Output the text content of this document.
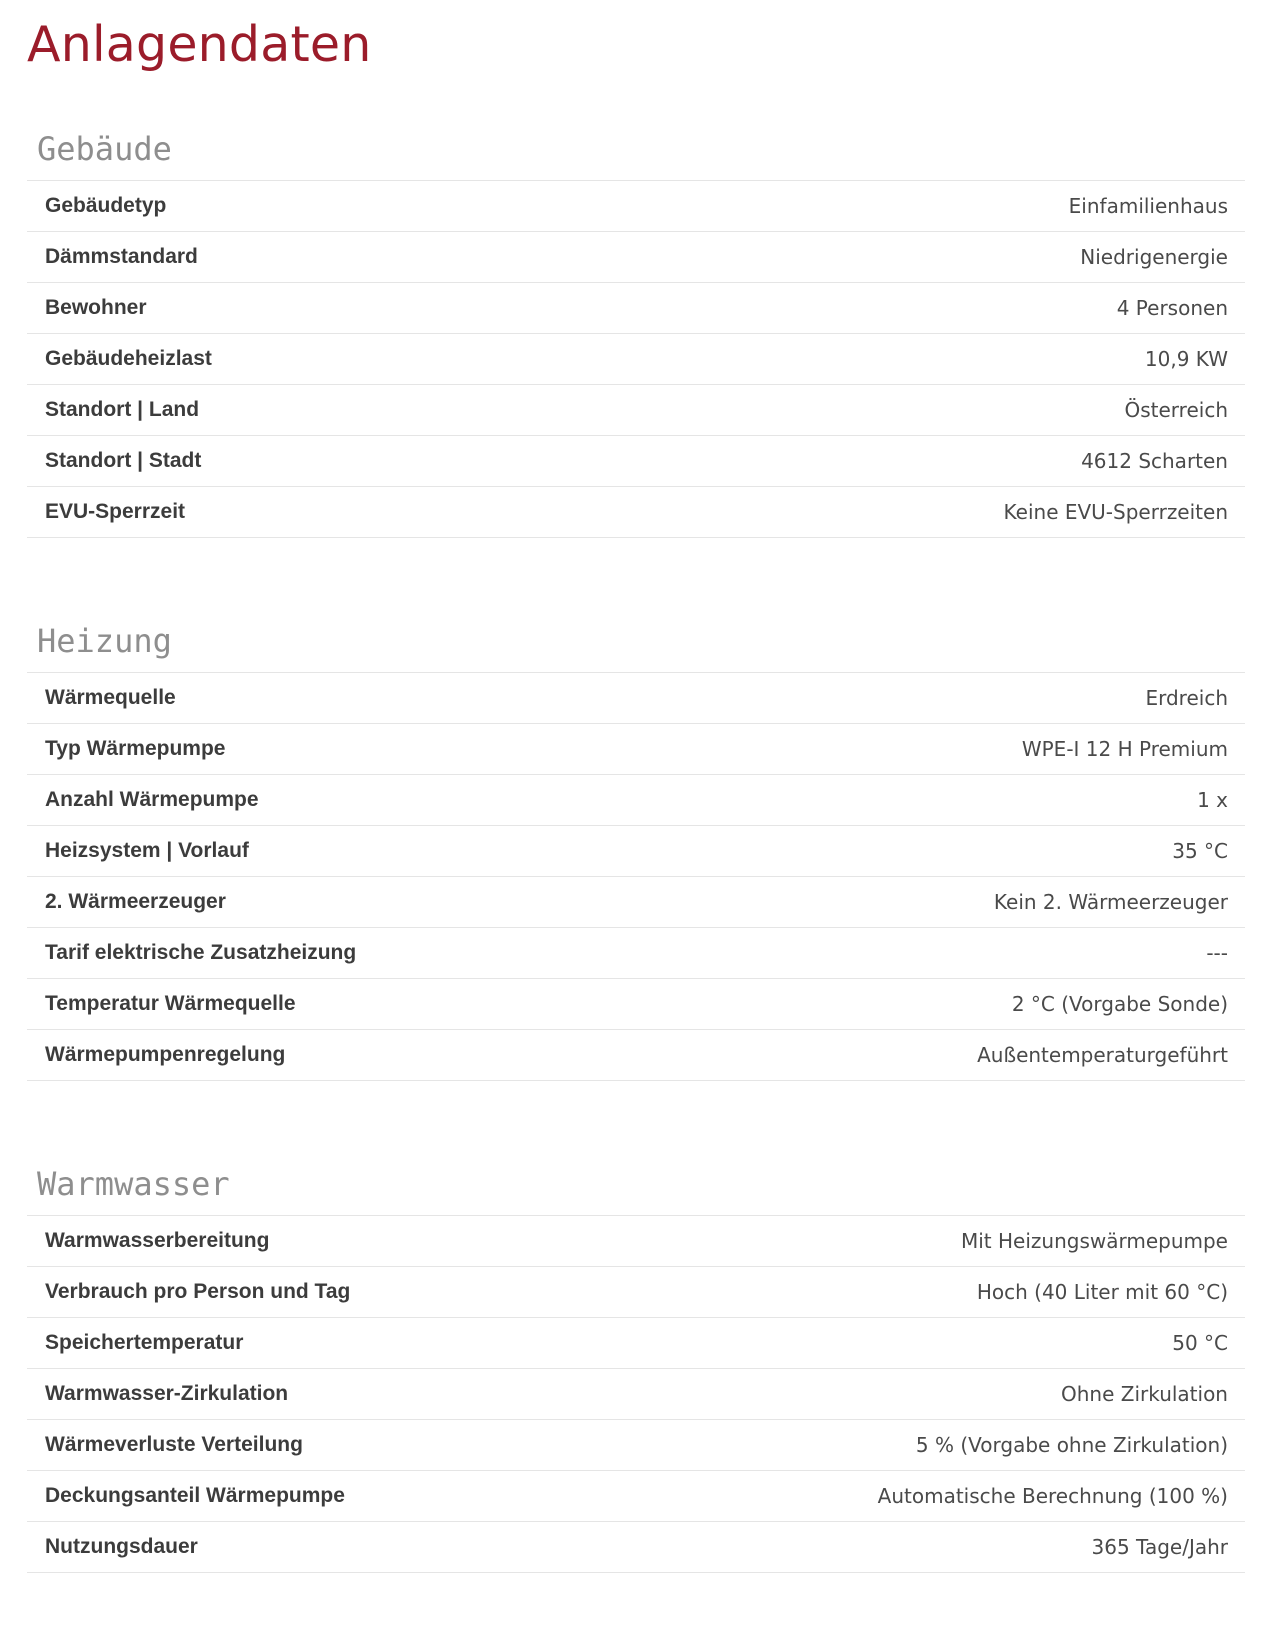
Anlagendaten
Gebäude
Gebäudetyp	Einfamilienhaus
Dämmstandard	Niedrigenergie
Bewohner	4 Personen
Gebäudeheizlast	10,9 KW
Standort | Land	Österreich
Standort | Stadt	4612 Scharten
EVU-Sperrzeit	Keine EVU-Sperrzeiten
Heizung
Wärmequelle	Erdreich
Typ Wärmepumpe	WPE-I 12 H Premium
Anzahl Wärmepumpe	1 x
Heizsystem | Vorlauf	35 °C
2. Wärmeerzeuger	Kein 2. Wärmeerzeuger
Tarif elektrische Zusatzheizung	---
Temperatur Wärmequelle	2 °C (Vorgabe Sonde)
Wärmepumpenregelung	Außentemperaturgeführt
Warmwasser
Warmwasserbereitung	Mit Heizungswärmepumpe
Verbrauch pro Person und Tag	Hoch (40 Liter mit 60 °C)
Speichertemperatur	50 °C
Warmwasser-Zirkulation	Ohne Zirkulation
Wärmeverluste Verteilung	5 % (Vorgabe ohne Zirkulation)
Deckungsanteil Wärmepumpe	Automatische Berechnung (100 %)
Nutzungsdauer	365 Tage/Jahr
